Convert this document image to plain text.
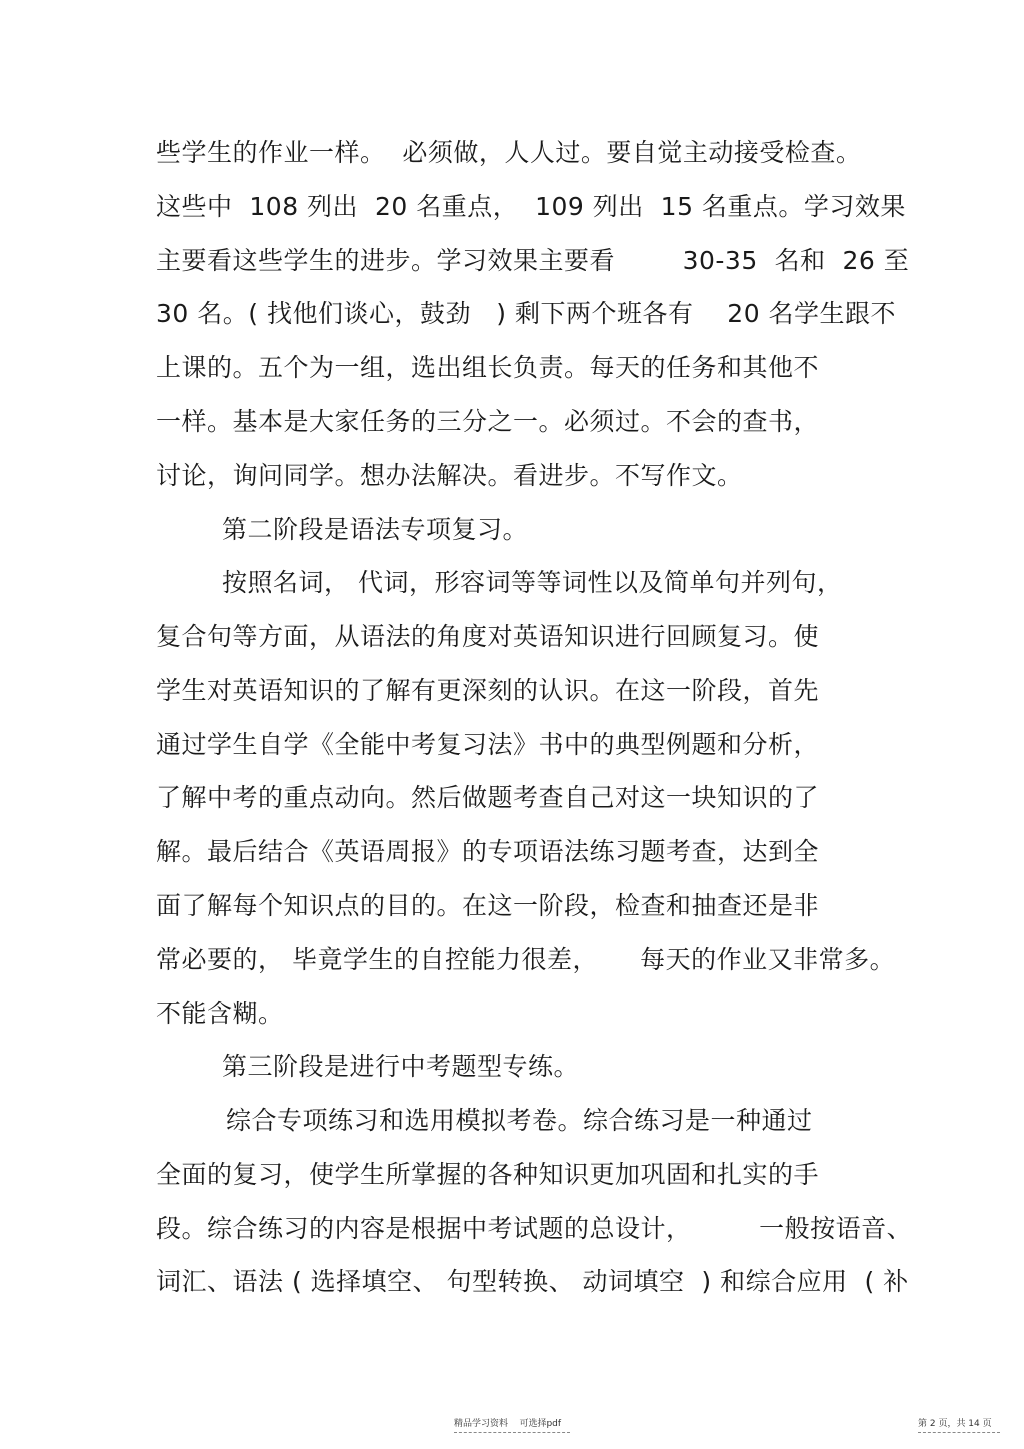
些学生的作业一样。  必须做，人人过。要自觉主动接受检查。
这些中  108 列出  20 名重点，  109 列出  15 名重点。学习效果
主要看这些学生的进步。学习效果主要看        30-35  名和  26 至
30 名。( 找他们谈心，鼓劲   ) 剩下两个班各有    20 名学生跟不
上课的。五个为一组，选出组长负责。每天的任务和其他不
一样。基本是大家任务的三分之一。必须过。不会的查书，
讨论，询问同学。想办法解决。看进步。不写作文。
第二阶段是语法专项复习。
按照名词， 代词，形容词等等词性以及简单句并列句，
复合句等方面，从语法的角度对英语知识进行回顾复习。使
学生对英语知识的了解有更深刻的认识。在这一阶段，首先
通过学生自学《全能中考复习法》书中的典型例题和分析，
了解中考的重点动向。然后做题考查自己对这一块知识的了
解。最后结合《英语周报》的专项语法练习题考查，达到全
面了解每个知识点的目的。在这一阶段，检查和抽查还是非
常必要的， 毕竟学生的自控能力很差，     每天的作业又非常多。
不能含糊。
第三阶段是进行中考题型专练。
综合专项练习和选用模拟考卷。综合练习是一种通过
全面的复习，使学生所掌握的各种知识更加巩固和扎实的手
段。综合练习的内容是根据中考试题的总设计，        一般按语音、
词汇、语法 ( 选择填空、 句型转换、 动词填空  ) 和综合应用  ( 补
精品学习资料    可选择pdf	第 2 页，共 14 页
